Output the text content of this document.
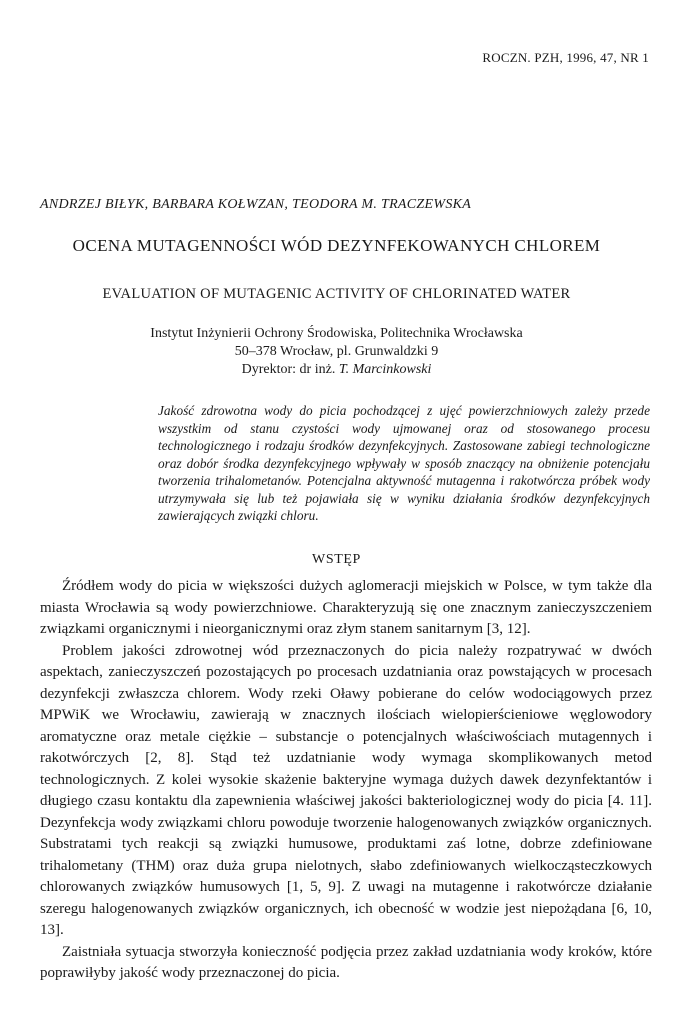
ROCZN. PZH, 1996, 47, NR 1
ANDRZEJ BIŁYK, BARBARA KOŁWZAN, TEODORA M. TRACZEWSKA
OCENA MUTAGENNOŚCI WÓD DEZYNFEKOWANYCH CHLOREM
EVALUATION OF MUTAGENIC ACTIVITY OF CHLORINATED WATER
Instytut Inżynierii Ochrony Środowiska, Politechnika Wrocławska
50–378 Wrocław, pl. Grunwaldzki 9
Dyrektor: dr inż. T. Marcinkowski
Jakość zdrowotna wody do picia pochodzącej z ujęć powierzchniowych zależy przede wszystkim od stanu czystości wody ujmowanej oraz od stosowanego procesu technologicznego i rodzaju środków dezynfekcyjnych. Zastosowane zabiegi technologiczne oraz dobór środka dezynfekcyjnego wpływały w sposób znaczący na obniżenie potencjału tworzenia trihalometanów. Potencjalna aktywność mutagenna i rakotwórcza próbek wody utrzymywała się lub też pojawiała się w wyniku działania środków dezynfekcyjnych zawierających związki chloru.
WSTĘP

Źródłem wody do picia w większości dużych aglomeracji miejskich w Polsce, w tym także dla miasta Wrocławia są wody powierzchniowe. Charakteryzują się one znacznym zanieczyszczeniem związkami organicznymi i nieorganicznymi oraz złym stanem sanitarnym [3, 12].

Problem jakości zdrowotnej wód przeznaczonych do picia należy rozpatrywać w dwóch aspektach, zanieczyszczeń pozostających po procesach uzdatniania oraz powstających w procesach dezynfekcji zwłaszcza chlorem. Wody rzeki Oławy pobierane do celów wodociągowych przez MPWiK we Wrocławiu, zawierają w znacznych ilościach wielopierścieniowe węglowodory aromatyczne oraz metale ciężkie – substancje o potencjalnych właściwościach mutagennych i rakotwórczych [2, 8]. Stąd też uzdatnianie wody wymaga skomplikowanych metod technologicznych. Z kolei wysokie skażenie bakteryjne wymaga dużych dawek dezynfektantów i długiego czasu kontaktu dla zapewnienia właściwej jakości bakteriologicznej wody do picia [4. 11]. Dezynfekcja wody związkami chloru powoduje tworzenie halogenowanych związków organicznych. Substratami tych reakcji są związki humusowe, produktami zaś lotne, dobrze zdefiniowane trihalometany (THM) oraz duża grupa nielotnych, słabo zdefiniowanych wielkocząsteczkowych chlorowanych związków humusowych [1, 5, 9]. Z uwagi na mutagenne i rakotwórcze działanie szeregu halogenowanych związków organicznych, ich obecność w wodzie jest niepożądana [6, 10, 13].

Zaistniała sytuacja stworzyła konieczność podjęcia przez zakład uzdatniania wody kroków, które poprawiłyby jakość wody przeznaczonej do picia.
